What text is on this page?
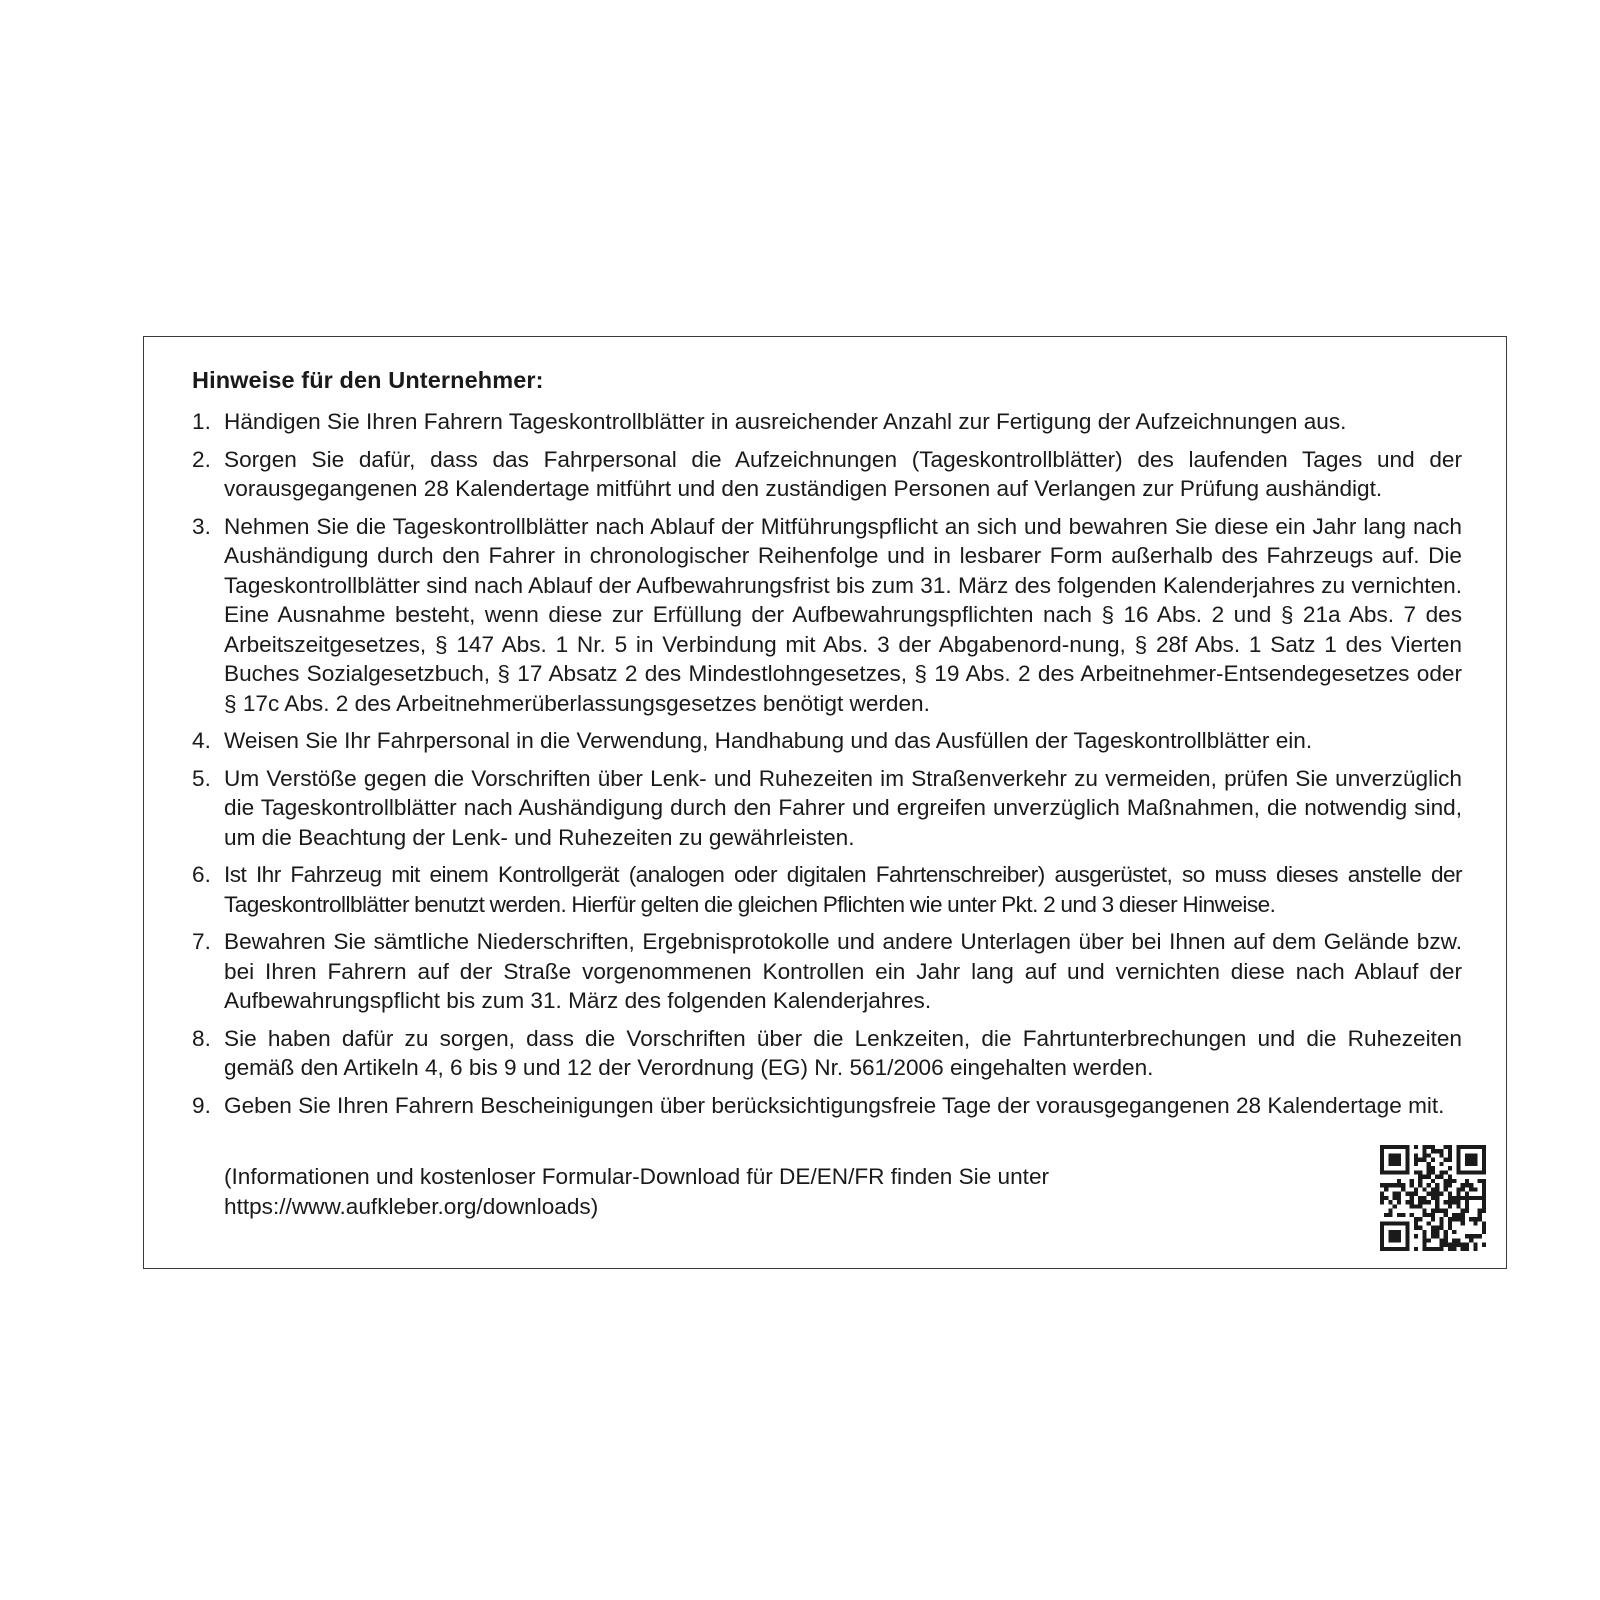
Hinweise für den Unternehmer:
1. Händigen Sie Ihren Fahrern Tageskontrollblätter in ausreichender Anzahl zur Fertigung der Aufzeichnungen aus.
2. Sorgen Sie dafür, dass das Fahrpersonal die Aufzeichnungen (Tageskontrollblätter) des laufenden Tages und der vorausgegangenen 28 Kalendertage mitführt und den zuständigen Personen auf Verlangen zur Prüfung aushändigt.
3. Nehmen Sie die Tageskontrollblätter nach Ablauf der Mitführungspflicht an sich und bewahren Sie diese ein Jahr lang nach Aushändigung durch den Fahrer in chronologischer Reihenfolge und in lesbarer Form außerhalb des Fahrzeugs auf. Die Tageskontrollblätter sind nach Ablauf der Aufbewahrungsfrist bis zum 31. März des folgenden Kalenderjahres zu vernichten. Eine Ausnahme besteht, wenn diese zur Erfüllung der Aufbewahrungspflichten nach § 16 Abs. 2 und § 21a Abs. 7 des Arbeitszeitgesetzes, § 147 Abs. 1 Nr. 5 in Verbindung mit Abs. 3 der Abgabenord-nung, § 28f Abs. 1 Satz 1 des Vierten Buches Sozialgesetzbuch, § 17 Absatz 2 des Mindestlohngesetzes, § 19 Abs. 2 des Arbeitnehmer-Entsendegesetzes oder § 17c Abs. 2 des Arbeitnehmerüberlassungsgesetzes benötigt werden.
4. Weisen Sie Ihr Fahrpersonal in die Verwendung, Handhabung und das Ausfüllen der Tageskontrollblätter ein.
5. Um Verstöße gegen die Vorschriften über Lenk- und Ruhezeiten im Straßenverkehr zu vermeiden, prüfen Sie unverzüglich die Tageskontrollblätter nach Aushändigung durch den Fahrer und ergreifen unverzüglich Maßnahmen, die notwendig sind, um die Beachtung der Lenk- und Ruhezeiten zu gewährleisten.
6. Ist Ihr Fahrzeug mit einem Kontrollgerät (analogen oder digitalen Fahrtenschreiber) ausgerüstet, so muss dieses anstelle der Tageskontrollblätter benutzt werden. Hierfür gelten die gleichen Pflichten wie unter Pkt. 2 und 3 dieser Hinweise.
7. Bewahren Sie sämtliche Niederschriften, Ergebnisprotokolle und andere Unterlagen über bei Ihnen auf dem Gelände bzw. bei Ihren Fahrern auf der Straße vorgenommenen Kontrollen ein Jahr lang auf und vernichten diese nach Ablauf der Aufbewahrungspflicht bis zum 31. März des folgenden Kalenderjahres.
8. Sie haben dafür zu sorgen, dass die Vorschriften über die Lenkzeiten, die Fahrtunterbrechungen und die Ruhezeiten gemäß den Artikeln 4, 6 bis 9 und 12 der Verordnung (EG) Nr. 561/2006 eingehalten werden.
9. Geben Sie Ihren Fahrern Bescheinigungen über berücksichtigungsfreie Tage der vorausgegangenen 28 Kalendertage mit.
(Informationen und kostenloser Formular-Download für DE/EN/FR finden Sie unter
https://www.aufkleber.org/downloads)
